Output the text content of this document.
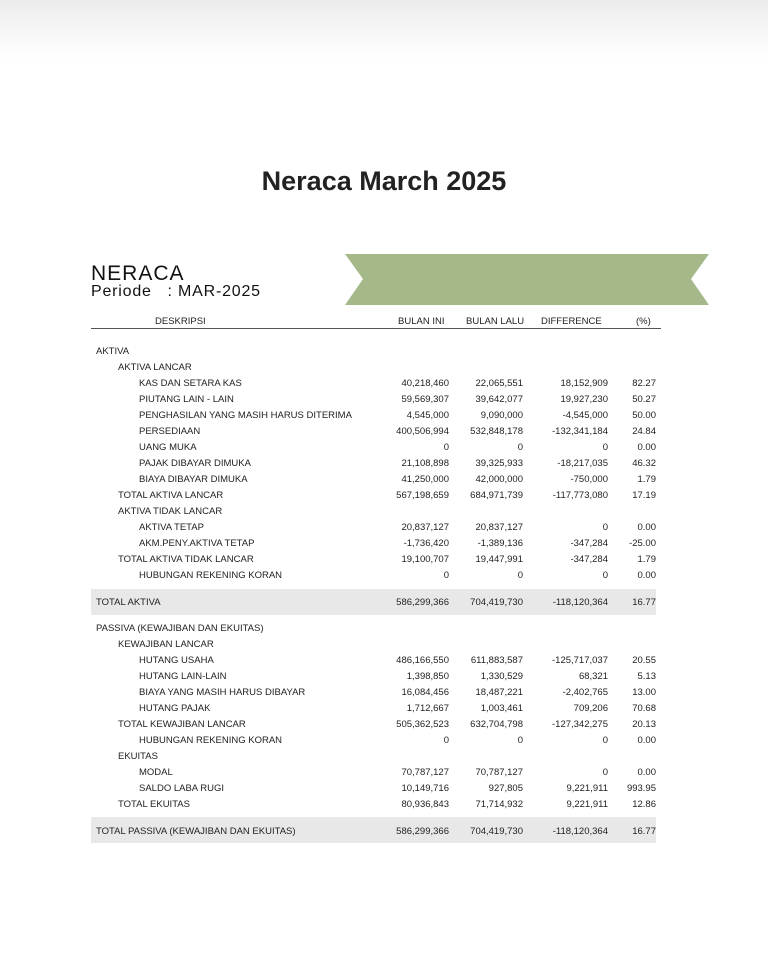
Neraca March 2025
NERACA
Periode : MAR-2025
DESKRIPSI	BULAN INI BULAN LALU DIFFERENCE	(%)
AKTIVA
AKTIVA LANCAR
KAS DAN SETARA KAS	40,218,460	22,065,551	18,152,909	82.27
PIUTANG LAIN - LAIN	59,569,307	39,642,077	19,927,230	50.27
PENGHASILAN YANG MASIH HARUS DITERIMA	4,545,000	9,090,000	-4,545,000	50.00
PERSEDIAAN	400,506,994 532,848,178	-132,341,184	24.84
UANG MUKA	0	0	0	0.00
PAJAK DIBAYAR DIMUKA	21,108,898	39,325,933	-18,217,035	46.32
BIAYA DIBAYAR DIMUKA	41,250,000	42,000,000	-750,000	1.79
TOTAL AKTIVA LANCAR	567,198,659 684,971,739	-117,773,080	17.19
AKTIVA TIDAK LANCAR
AKTIVA TETAP	20,837,127	20,837,127	0	0.00
AKM.PENY.AKTIVA TETAP	-1,736,420	-1,389,136	-347,284 -25.00
TOTAL AKTIVA TIDAK LANCAR	19,100,707	19,447,991	-347,284	1.79
HUBUNGAN REKENING KORAN	0	0	0	0.00
TOTAL AKTIVA	586,299,366 704,419,730	-118,120,364	16.77
PASSIVA (KEWAJIBAN DAN EKUITAS)
KEWAJIBAN LANCAR
HUTANG USAHA	486,166,550 611,883,587	-125,717,037	20.55
HUTANG LAIN-LAIN	1,398,850	1,330,529	68,321	5.13
BIAYA YANG MASIH HARUS DIBAYAR	16,084,456	18,487,221	-2,402,765	13.00
HUTANG PAJAK	1,712,667	1,003,461	709,206	70.68
TOTAL KEWAJIBAN LANCAR	505,362,523 632,704,798	-127,342,275	20.13
HUBUNGAN REKENING KORAN	0	0	0	0.00
EKUITAS
MODAL	70,787,127	70,787,127	0	0.00
SALDO LABA RUGI	10,149,716	927,805	9,221,911 993.95
TOTAL EKUITAS	80,936,843	71,714,932	9,221,911	12.86
TOTAL PASSIVA (KEWAJIBAN DAN EKUITAS)	586,299,366 704,419,730	-118,120,364	16.77
